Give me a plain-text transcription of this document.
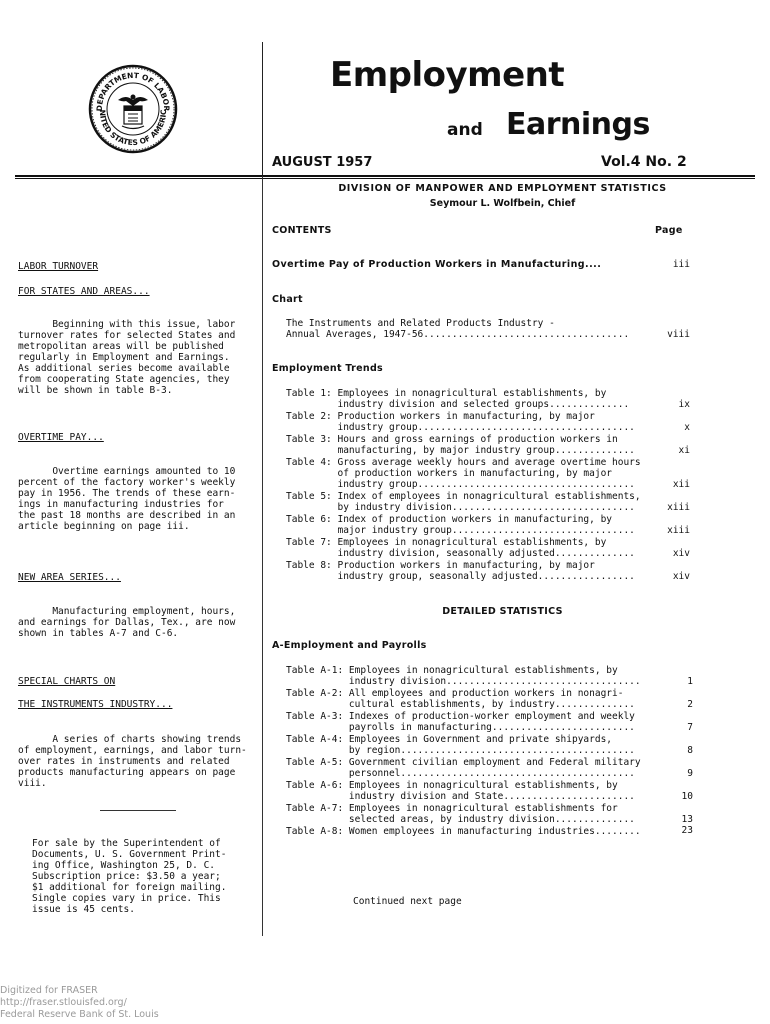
DEPARTMENT OF LABOR
NITED STATES OF AMERIC
Employment
and Earnings
AUGUST 1957	Vol.4 No. 2
DIVISION OF MANPOWER AND EMPLOYMENT STATISTICS
Seymour L. Wolfbein, Chief
CONTENTS	Page
Overtime Pay of Production Workers in Manufacturing....	iii
Chart
The Instruments and Related Products Industry -
Annual Averages, 1947-56....................................	viii
Employment Trends
Table 1: Employees in nonagricultural establishments, by
industry division and selected groups..............	ix
Table 2: Production workers in manufacturing, by major
industry group......................................	x
Table 3: Hours and gross earnings of production workers in
manufacturing, by major industry group..............	xi
Table 4: Gross average weekly hours and average overtime hours
of production workers in manufacturing, by major
industry group......................................	xii
Table 5: Index of employees in nonagricultural establishments,
by industry division................................	xiii
Table 6: Index of production workers in manufacturing, by
major industry group................................	xiii
Table 7: Employees in nonagricultural establishments, by
industry division, seasonally adjusted..............	xiv
Table 8: Production workers in manufacturing, by major
industry group, seasonally adjusted.................	xiv
DETAILED STATISTICS
A-Employment and Payrolls
Table A-1: Employees in nonagricultural establishments, by
industry division..................................	1
Table A-2: All employees and production workers in nonagri-
cultural establishments, by industry..............	2
Table A-3: Indexes of production-worker employment and weekly
payrolls in manufacturing.........................	7
Table A-4: Employees in Government and private shipyards,
by region.........................................	8
Table A-5: Government civilian employment and Federal military
personnel.........................................	9
Table A-6: Employees in nonagricultural establishments, by
industry division and State.......................	10
Table A-7: Employees in nonagricultural establishments for
selected areas, by industry division..............	13
Table A-8: Women employees in manufacturing industries........	23
Continued next page
LABOR TURNOVER
FOR STATES AND AREAS...
Beginning with this issue, labor
turnover rates for selected States and
metropolitan areas will be published
regularly in Employment and Earnings.
As additional series become available
from cooperating State agencies, they
will be shown in table B-3.
OVERTIME PAY...
Overtime earnings amounted to 10
percent of the factory worker's weekly
pay in 1956. The trends of these earn-
ings in manufacturing industries for
the past 18 months are described in an
article beginning on page iii.
NEW AREA SERIES...
Manufacturing employment, hours,
and earnings for Dallas, Tex., are now
shown in tables A-7 and C-6.
SPECIAL CHARTS ON
THE INSTRUMENTS INDUSTRY...
A series of charts showing trends
of employment, earnings, and labor turn-
over rates in instruments and related
products manufacturing appears on page
viii.
For sale by the Superintendent of
Documents, U. S. Government Print-
ing Office, Washington 25, D. C.
Subscription price: $3.50 a year;
$1 additional for foreign mailing.
Single copies vary in price. This
issue is 45 cents.
Digitized for FRASER
http://fraser.stlouisfed.org/
Federal Reserve Bank of St. Louis
